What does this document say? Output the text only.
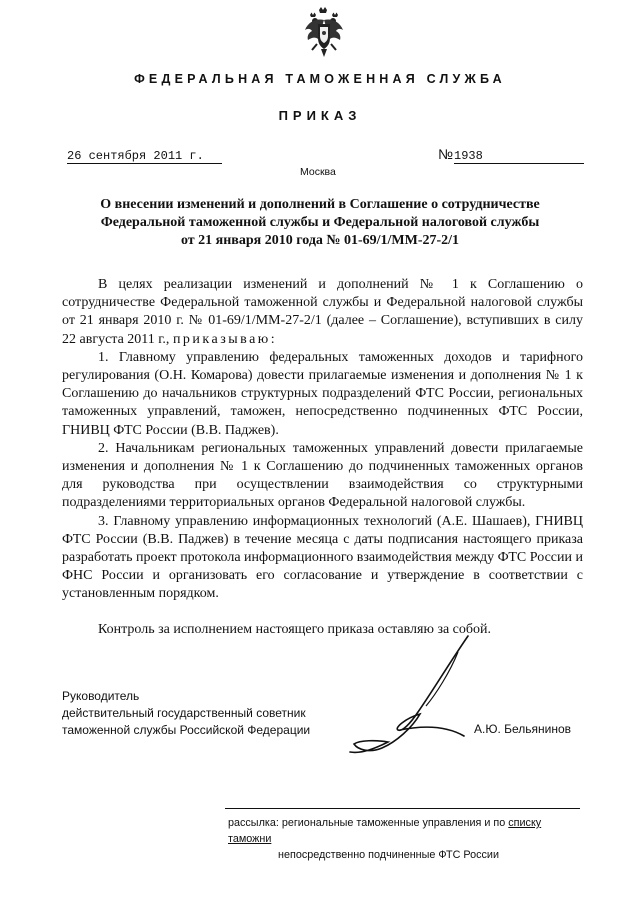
ФЕДЕРАЛЬНАЯ ТАМОЖЕННАЯ СЛУЖБА
ПРИКАЗ
26 сентября 2011 г.	№ 1938
Москва
О внесении изменений и дополнений в Соглашение о сотрудничестве
Федеральной таможенной службы и Федеральной налоговой службы
от 21 января 2010 года № 01-69/1/ММ-27-2/1

В целях реализации изменений и дополнений № 1 к Соглашению о сотрудничестве Федеральной таможенной службы и Федеральной налоговой службы от 21 января 2010 г. № 01-69/1/ММ-27-2/1 (далее – Соглашение), вступивших в силу 22 августа 2011 г., приказываю:

1. Главному управлению федеральных таможенных доходов и тарифного регулирования (О.Н. Комарова) довести прилагаемые изменения и дополнения № 1 к Соглашению до начальников структурных подразделений ФТС России, региональных таможенных управлений, таможен, непосредственно подчиненных ФТС России, ГНИВЦ ФТС России (В.В. Паджев).

2. Начальникам региональных таможенных управлений довести прилагаемые изменения и дополнения № 1 к Соглашению до подчиненных таможенных органов для руководства при осуществлении взаимодействия со структурными подразделениями территориальных органов Федеральной налоговой службы.

3. Главному управлению информационных технологий (А.Е. Шашаев), ГНИВЦ ФТС России (В.В. Паджев) в течение месяца с даты подписания настоящего приказа разработать проект протокола информационного взаимодействия между ФТС России и ФНС России и организовать его согласование и утверждение в соответствии с установленным порядком.

Контроль за исполнением настоящего приказа оставляю за собой.
Руководитель
действительный государственный советник
таможенной службы Российской Федерации	А.Ю. Бельянинов
рассылка: региональные таможенные управления и по списку таможни
непосредственно подчиненные ФТС России
